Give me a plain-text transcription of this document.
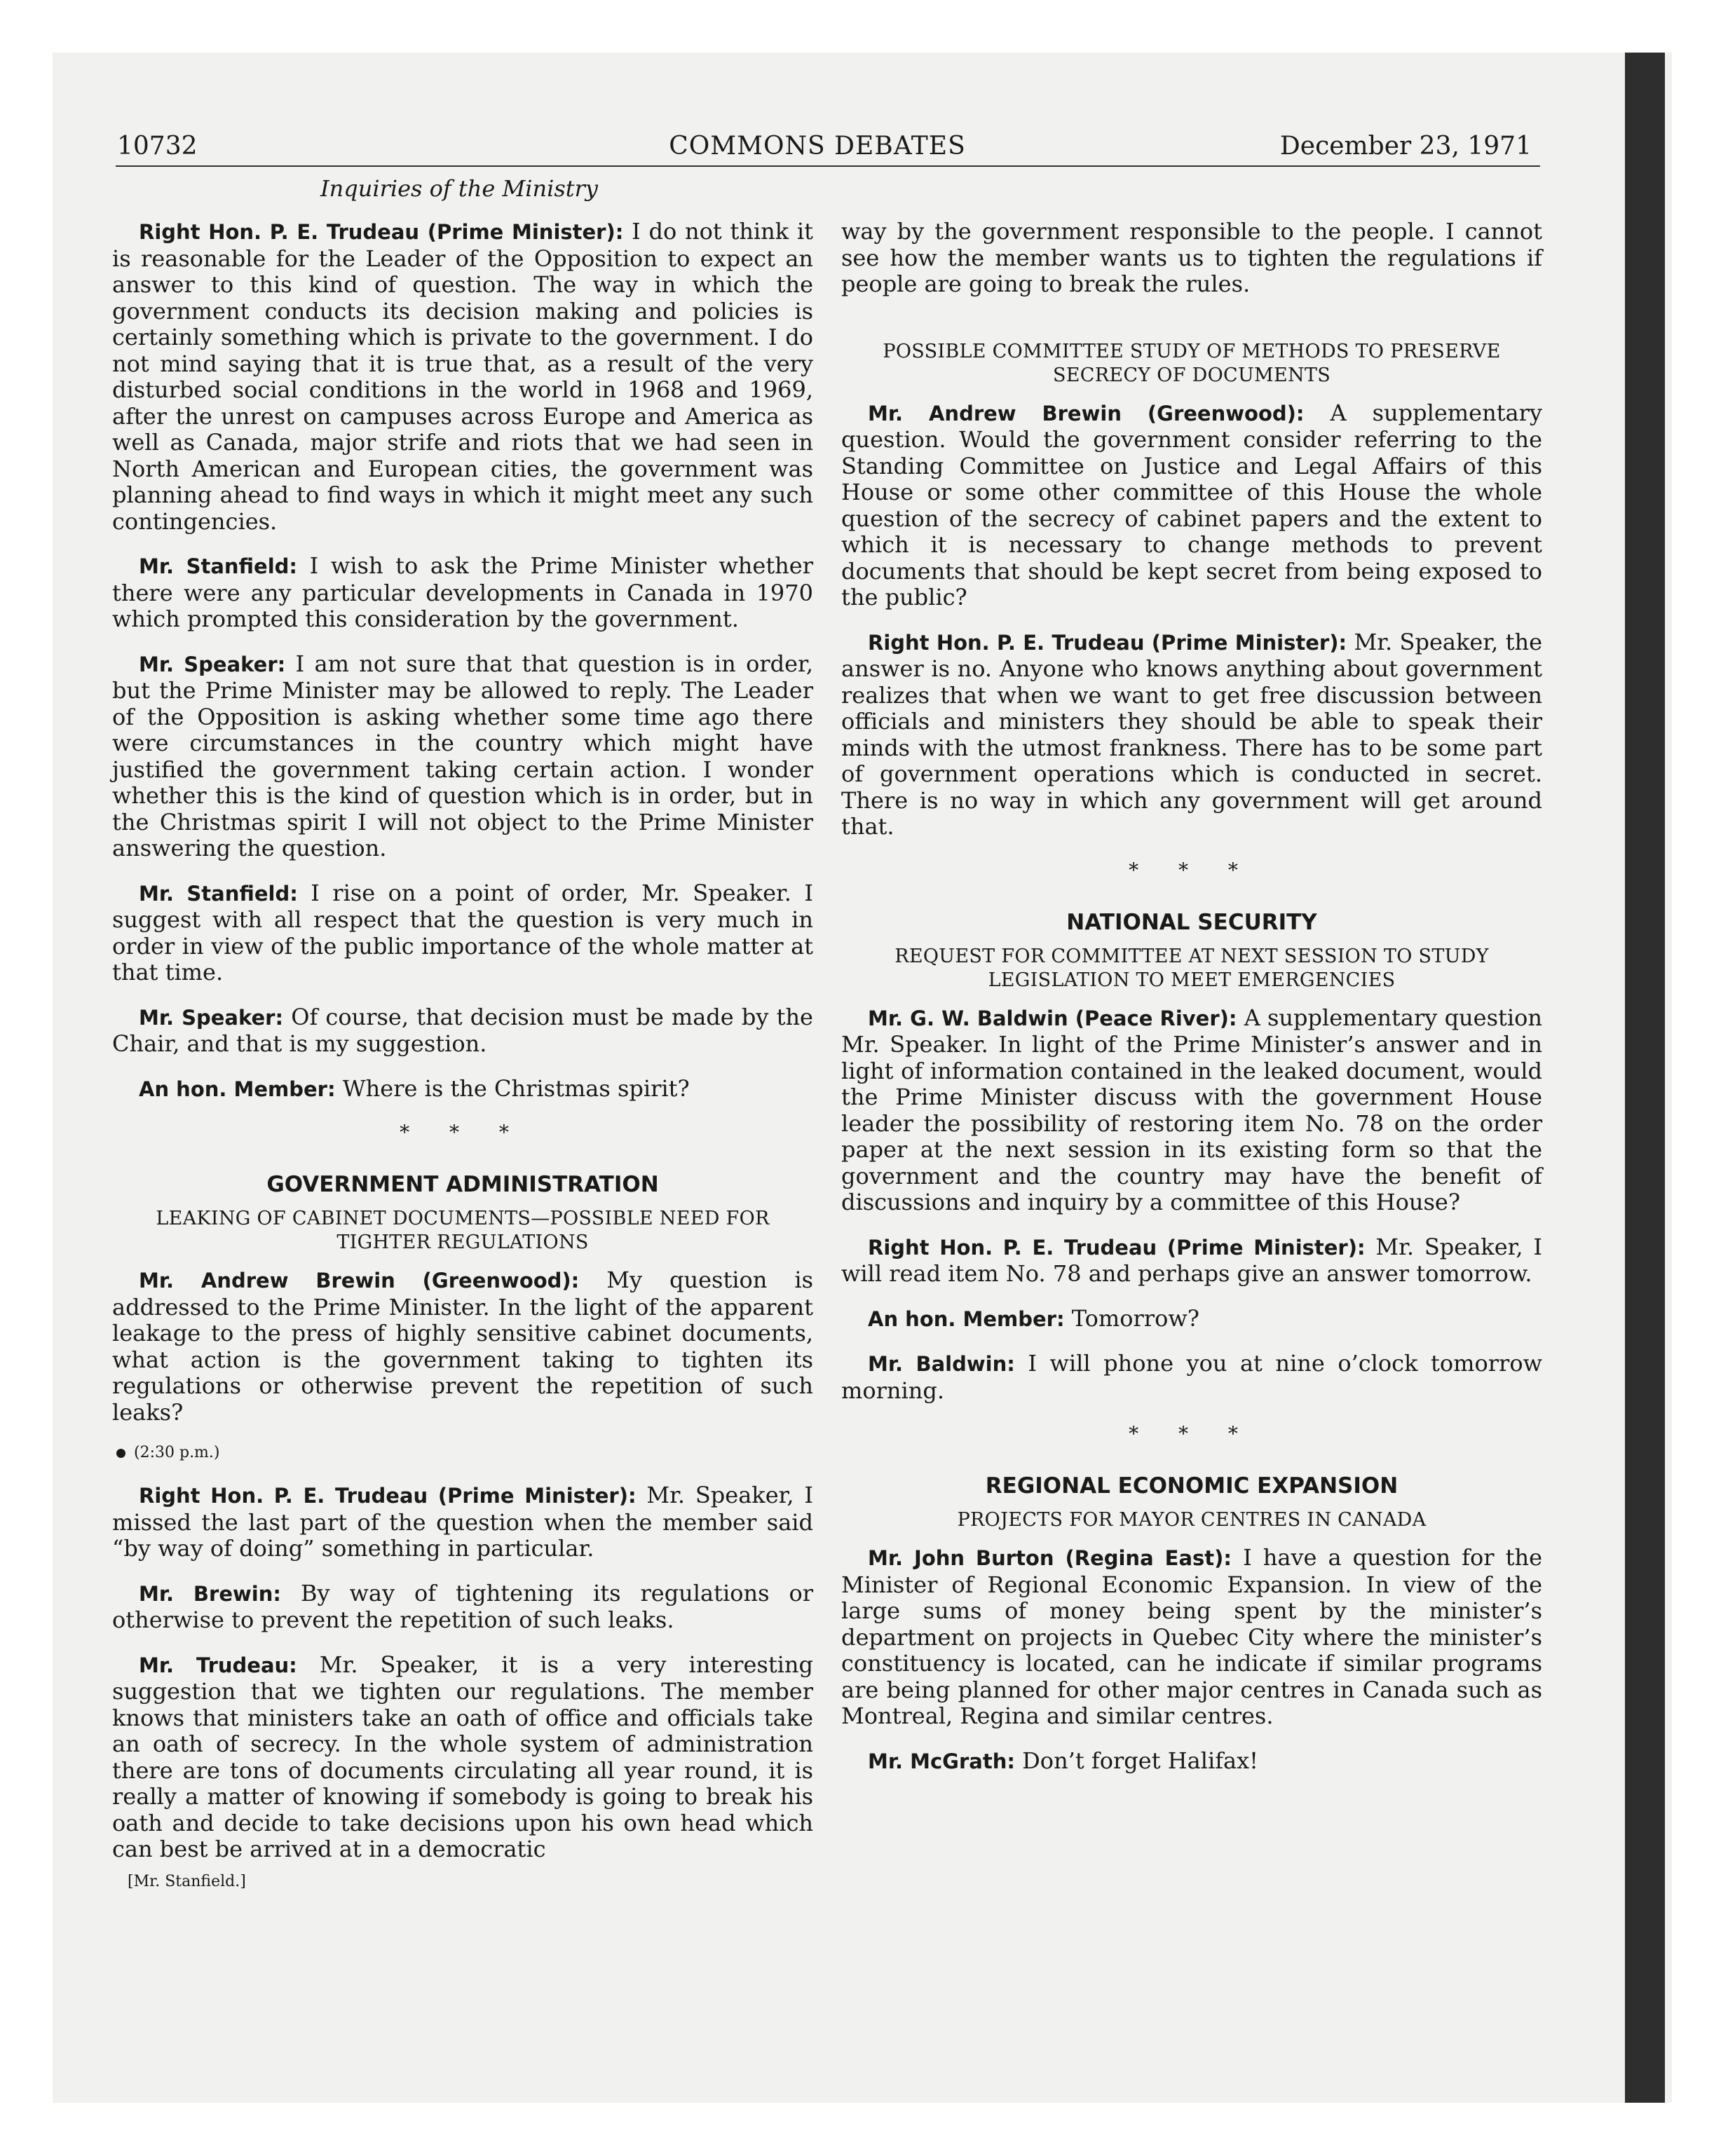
10732	COMMONS DEBATES	December 23, 1971
Inquiries of the Ministry

Right Hon. P. E. Trudeau (Prime Minister): I do not think it is reasonable for the Leader of the Opposition to expect an answer to this kind of question. The way in which the government conducts its decision making and policies is certainly something which is private to the government. I do not mind saying that it is true that, as a result of the very disturbed social conditions in the world in 1968 and 1969, after the unrest on campuses across Europe and America as well as Canada, major strife and riots that we had seen in North American and European cities, the government was planning ahead to find ways in which it might meet any such contingencies.

Mr. Stanfield: I wish to ask the Prime Minister whether there were any particular developments in Canada in 1970 which prompted this consideration by the government.

Mr. Speaker: I am not sure that that question is in order, but the Prime Minister may be allowed to reply. The Leader of the Opposition is asking whether some time ago there were circumstances in the country which might have justified the government taking certain action. I wonder whether this is the kind of question which is in order, but in the Christmas spirit I will not object to the Prime Minister answering the question.

Mr. Stanfield: I rise on a point of order, Mr. Speaker. I suggest with all respect that the question is very much in order in view of the public importance of the whole matter at that time.

Mr. Speaker: Of course, that decision must be made by the Chair, and that is my suggestion.

An hon. Member: Where is the Christmas spirit?

* * *
GOVERNMENT ADMINISTRATION
LEAKING OF CABINET DOCUMENTS—POSSIBLE NEED FOR TIGHTER REGULATIONS

Mr. Andrew Brewin (Greenwood): My question is addressed to the Prime Minister. In the light of the apparent leakage to the press of highly sensitive cabinet documents, what action is the government taking to tighten its regulations or otherwise prevent the repetition of such leaks?

(2:30 p.m.)

Right Hon. P. E. Trudeau (Prime Minister): Mr. Speaker, I missed the last part of the question when the member said “by way of doing” something in particular.

Mr. Brewin: By way of tightening its regulations or otherwise to prevent the repetition of such leaks.

Mr. Trudeau: Mr. Speaker, it is a very interesting suggestion that we tighten our regulations. The member knows that ministers take an oath of office and officials take an oath of secrecy. In the whole system of administration there are tons of documents circulating all year round, it is really a matter of knowing if somebody is going to break his oath and decide to take decisions upon his own head which can best be arrived at in a democratic

[Mr. Stanfield.]

way by the government responsible to the people. I cannot see how the member wants us to tighten the regulations if people are going to break the rules.

POSSIBLE COMMITTEE STUDY OF METHODS TO PRESERVE SECRECY OF DOCUMENTS

Mr. Andrew Brewin (Greenwood): A supplementary question. Would the government consider referring to the Standing Committee on Justice and Legal Affairs of this House or some other committee of this House the whole question of the secrecy of cabinet papers and the extent to which it is necessary to change methods to prevent documents that should be kept secret from being exposed to the public?

Right Hon. P. E. Trudeau (Prime Minister): Mr. Speaker, the answer is no. Anyone who knows anything about government realizes that when we want to get free discussion between officials and ministers they should be able to speak their minds with the utmost frankness. There has to be some part of government operations which is conducted in secret. There is no way in which any government will get around that.

* * *
NATIONAL SECURITY
REQUEST FOR COMMITTEE AT NEXT SESSION TO STUDY LEGISLATION TO MEET EMERGENCIES

Mr. G. W. Baldwin (Peace River): A supplementary question Mr. Speaker. In light of the Prime Minister’s answer and in light of information contained in the leaked document, would the Prime Minister discuss with the government House leader the possibility of restoring item No. 78 on the order paper at the next session in its existing form so that the government and the country may have the benefit of discussions and inquiry by a committee of this House?

Right Hon. P. E. Trudeau (Prime Minister): Mr. Speaker, I will read item No. 78 and perhaps give an answer tomorrow.

An hon. Member: Tomorrow?

Mr. Baldwin: I will phone you at nine o’clock tomorrow morning.

* * *
REGIONAL ECONOMIC EXPANSION
PROJECTS FOR MAYOR CENTRES IN CANADA

Mr. John Burton (Regina East): I have a question for the Minister of Regional Economic Expansion. In view of the large sums of money being spent by the minister’s department on projects in Quebec City where the minister’s constituency is located, can he indicate if similar programs are being planned for other major centres in Canada such as Montreal, Regina and similar centres.

Mr. McGrath: Don’t forget Halifax!
